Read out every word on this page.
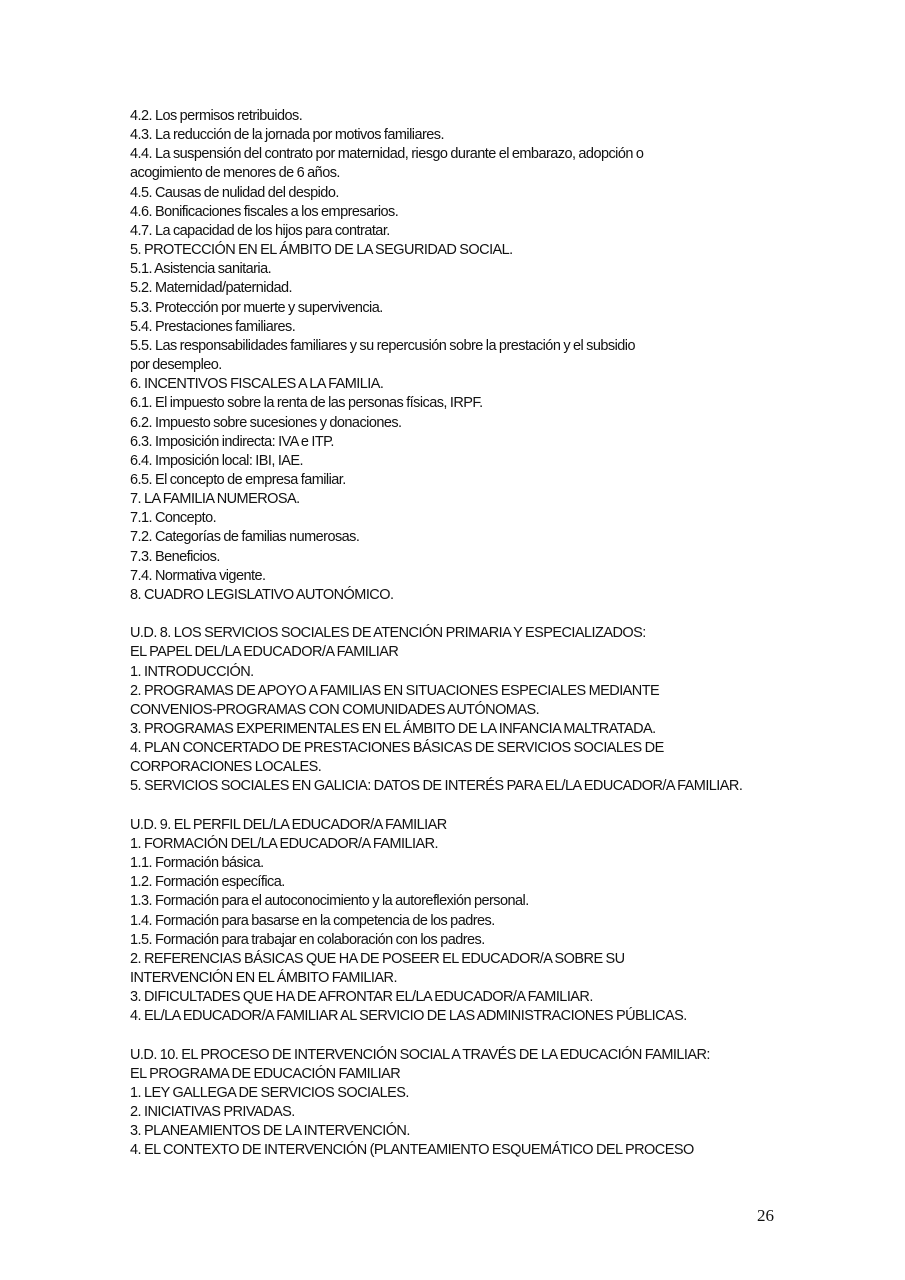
4.2. Los permisos retribuidos.
4.3. La reducción de la jornada por motivos familiares.
4.4. La suspensión del contrato por maternidad, riesgo durante el embarazo, adopción o
acogimiento de menores de 6 años.
4.5. Causas de nulidad del despido.
4.6. Bonificaciones fiscales a los empresarios.
4.7. La capacidad de los hijos para contratar.
5. PROTECCIÓN EN EL ÁMBITO DE LA SEGURIDAD SOCIAL.
5.1. Asistencia sanitaria.
5.2. Maternidad/paternidad.
5.3. Protección por muerte y supervivencia.
5.4. Prestaciones familiares.
5.5. Las responsabilidades familiares y su repercusión sobre la prestación y el subsidio
por desempleo.
6. INCENTIVOS FISCALES A LA FAMILIA.
6.1. El impuesto sobre la renta de las personas físicas, IRPF.
6.2. Impuesto sobre sucesiones y donaciones.
6.3. Imposición indirecta: IVA e ITP.
6.4. Imposición local: IBI, IAE.
6.5. El concepto de empresa familiar.
7. LA FAMILIA NUMEROSA.
7.1. Concepto.
7.2. Categorías de familias numerosas.
7.3. Beneficios.
7.4. Normativa vigente.
8. CUADRO LEGISLATIVO AUTONÓMICO.
U.D. 8. LOS SERVICIOS SOCIALES DE ATENCIÓN PRIMARIA Y ESPECIALIZADOS:
EL PAPEL DEL/LA EDUCADOR/A FAMILIAR
1. INTRODUCCIÓN.
2. PROGRAMAS DE APOYO A FAMILIAS EN SITUACIONES ESPECIALES MEDIANTE
CONVENIOS-PROGRAMAS CON COMUNIDADES AUTÓNOMAS.
3. PROGRAMAS EXPERIMENTALES EN EL ÁMBITO DE LA INFANCIA MALTRATADA.
4. PLAN CONCERTADO DE PRESTACIONES BÁSICAS DE SERVICIOS SOCIALES DE
CORPORACIONES LOCALES.
5. SERVICIOS SOCIALES EN GALICIA: DATOS DE INTERÉS PARA EL/LA EDUCADOR/A FAMILIAR.
U.D. 9. EL PERFIL DEL/LA EDUCADOR/A FAMILIAR
1. FORMACIÓN DEL/LA EDUCADOR/A FAMILIAR.
1.1. Formación básica.
1.2. Formación específica.
1.3. Formación para el autoconocimiento y la autoreflexión personal.
1.4. Formación para basarse en la competencia de los padres.
1.5. Formación para trabajar en colaboración con los padres.
2. REFERENCIAS BÁSICAS QUE HA DE POSEER EL EDUCADOR/A SOBRE SU
INTERVENCIÓN EN EL ÁMBITO FAMILIAR.
3. DIFICULTADES QUE HA DE AFRONTAR EL/LA EDUCADOR/A FAMILIAR.
4. EL/LA EDUCADOR/A FAMILIAR AL SERVICIO DE LAS ADMINISTRACIONES PÚBLICAS.
U.D. 10. EL PROCESO DE INTERVENCIÓN SOCIAL A TRAVÉS DE LA EDUCACIÓN FAMILIAR:
EL PROGRAMA DE EDUCACIÓN FAMILIAR
1. LEY GALLEGA DE SERVICIOS SOCIALES.
2. INICIATIVAS PRIVADAS.
3. PLANEAMIENTOS DE LA INTERVENCIÓN.
4. EL CONTEXTO DE INTERVENCIÓN (PLANTEAMIENTO ESQUEMÁTICO DEL PROCESO
26
